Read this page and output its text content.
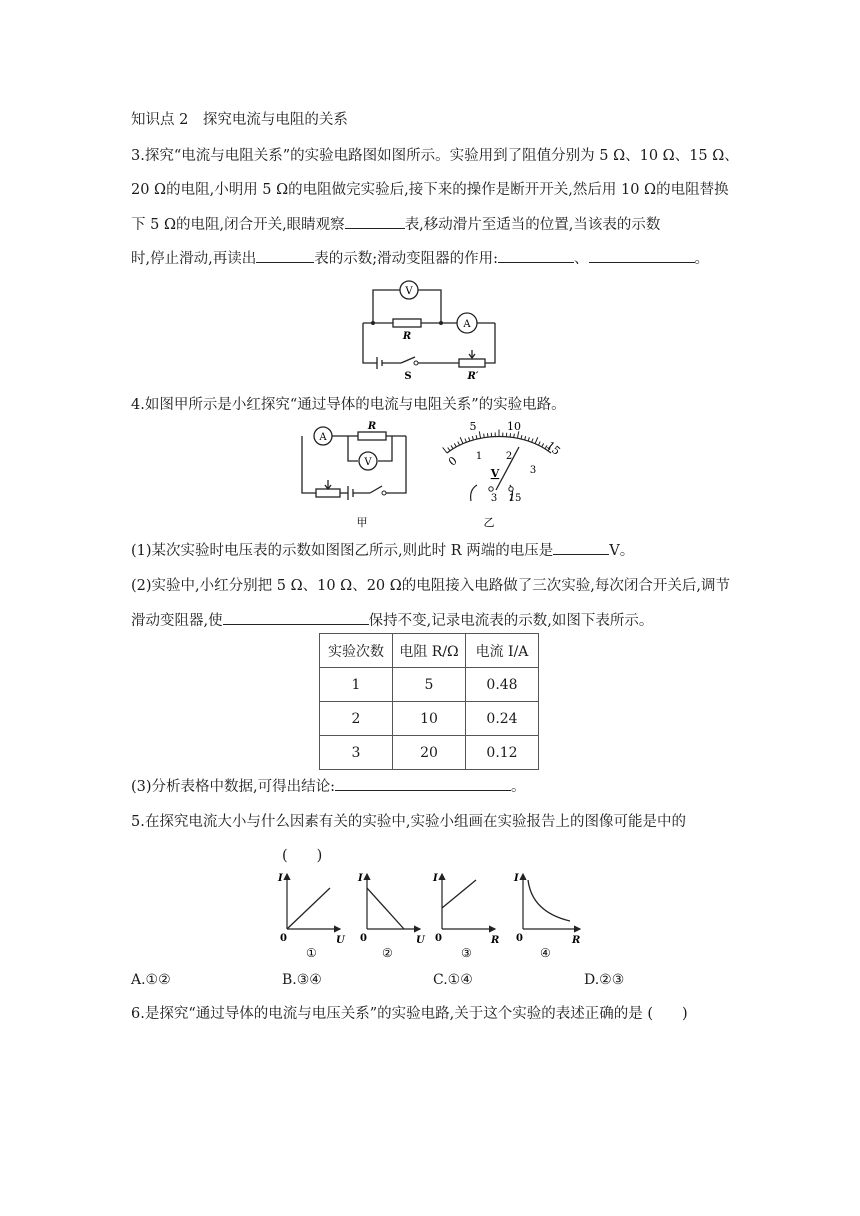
知识点 2　探究电流与电阻的关系
3.探究“电流与电阻关系”的实验电路图如图所示。实验用到了阻值分别为 5 Ω、10 Ω、15 Ω、
20 Ω的电阻,小明用 5 Ω的电阻做完实验后,接下来的操作是断开开关,然后用 10 Ω的电阻替换
下 5 Ω的电阻,闭合开关,眼睛观察	表,移动滑片至适当的位置,当该表的示数
时,停止滑动,再读出	表的示数;滑动变阻器的作用:	、	。
V
A
R
S	R′
4.如图甲所示是小红探究“通过导体的电流与电阻关系”的实验电路。
A
V
R
甲
5	10
15
0 1 2
3
V
3 15
乙
(1)某次实验时电压表的示数如图图乙所示,则此时 R 两端的电压是	V。
(2)实验中,小红分别把 5 Ω、10 Ω、20 Ω的电阻接入电路做了三次实验,每次闭合开关后,调节
滑动变阻器,使	保持不变,记录电流表的示数,如图下表所示。
实验次数	电阻 R/Ω	电流 I/A
1	5	0.48
2	10	0.24
3	20	0.12
(3)分析表格中数据,可得出结论:	。
5.在探究电流大小与什么因素有关的实验中,实验小组画在实验报告上的图像可能是中的
(　　)
I
U
0
①
I
U
0
②
I
R
0
③
I
R
0
④
A.①②	B.③④	C.①④	D.②③
6.是探究“通过导体的电流与电压关系”的实验电路,关于这个实验的表述正确的是 (　　)
